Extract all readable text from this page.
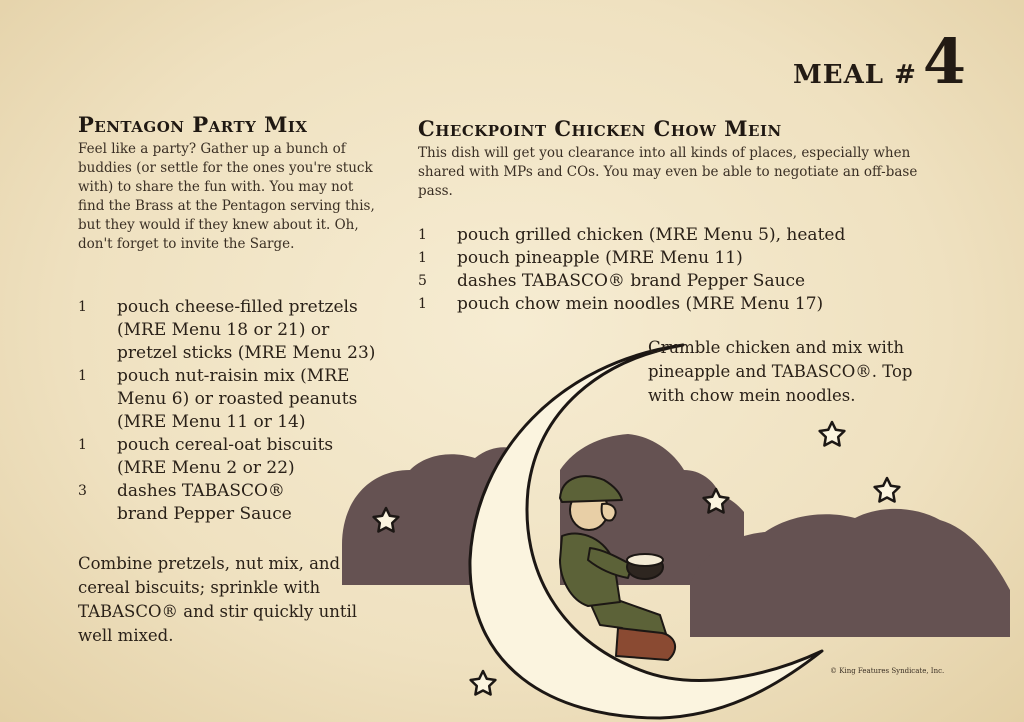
MEAL # 4
Pentagon Party Mix

Feel like a party? Gather up a bunch of buddies (or settle for the ones you're stuck with) to share the fun with. You may not find the Brass at the Pentagon serving this, but they would if they knew about it. Oh, don't forget to invite the Sarge.

1	pouch cheese-filled pretzels (MRE Menu 18 or 21) or pretzel sticks (MRE Menu 23)
1	pouch nut-raisin mix (MRE Menu 6) or roasted peanuts (MRE Menu 11 or 14)
1	pouch cereal-oat biscuits (MRE Menu 2 or 22)
3	dashes TABASCO® brand Pepper Sauce

Combine pretzels, nut mix, and cereal biscuits; sprinkle with TABASCO® and stir quickly until well mixed.

Checkpoint Chicken Chow Mein

This dish will get you clearance into all kinds of places, especially when shared with MPs and COs. You may even be able to negotiate an off-base pass.

1	pouch grilled chicken (MRE Menu 5), heated
1	pouch pineapple (MRE Menu 11)
5	dashes TABASCO® brand Pepper Sauce
1	pouch chow mein noodles (MRE Menu 17)

Crumble chicken and mix with pineapple and TABASCO®. Top with chow mein noodles.

© King Features Syndicate, Inc.
